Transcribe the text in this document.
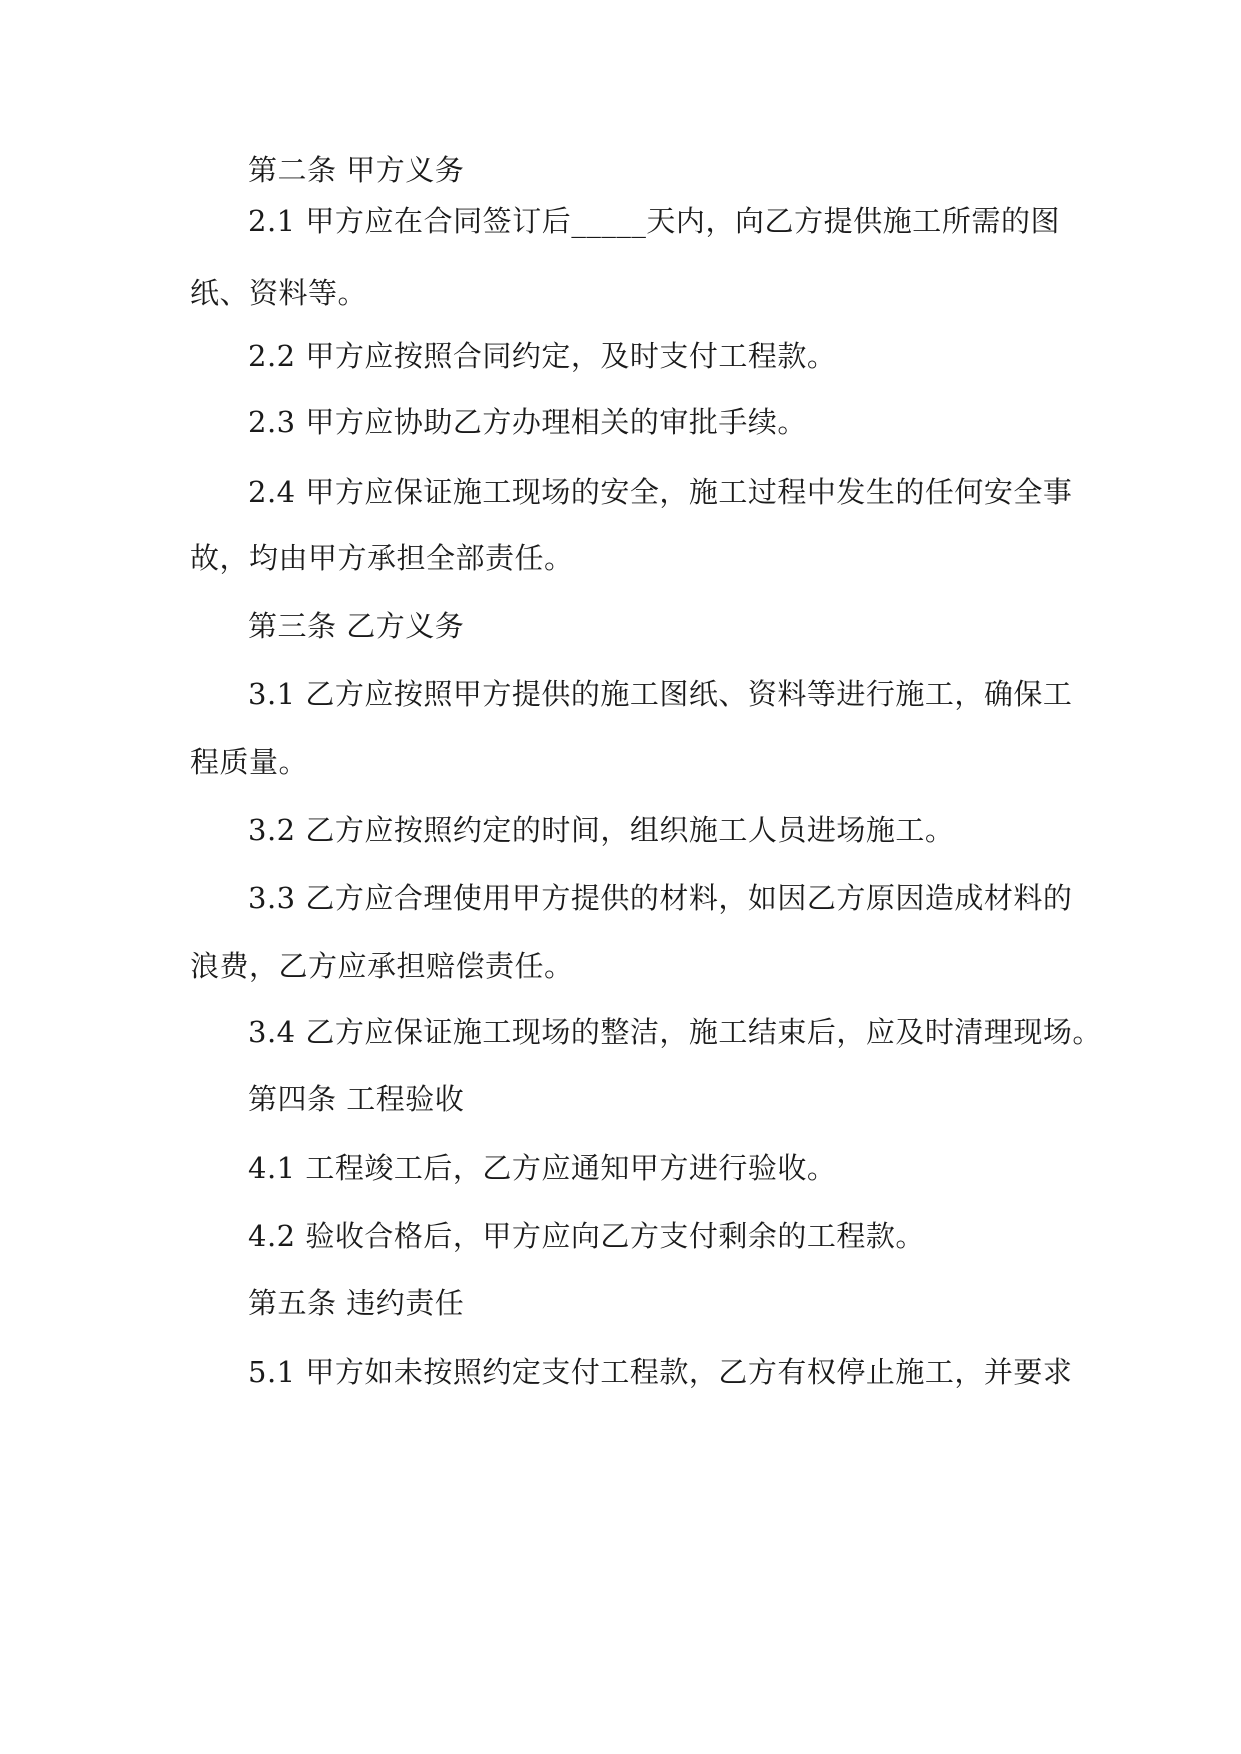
第二条 甲方义务
2.1 甲方应在合同签订后_____天内，向乙方提供施工所需的图
纸、资料等。
2.2 甲方应按照合同约定，及时支付工程款。
2.3 甲方应协助乙方办理相关的审批手续。
2.4 甲方应保证施工现场的安全，施工过程中发生的任何安全事
故，均由甲方承担全部责任。
第三条 乙方义务
3.1 乙方应按照甲方提供的施工图纸、资料等进行施工，确保工
程质量。
3.2 乙方应按照约定的时间，组织施工人员进场施工。
3.3 乙方应合理使用甲方提供的材料，如因乙方原因造成材料的
浪费，乙方应承担赔偿责任。
3.4 乙方应保证施工现场的整洁，施工结束后，应及时清理现场。
第四条 工程验收
4.1 工程竣工后，乙方应通知甲方进行验收。
4.2 验收合格后，甲方应向乙方支付剩余的工程款。
第五条 违约责任
5.1 甲方如未按照约定支付工程款，乙方有权停止施工，并要求
